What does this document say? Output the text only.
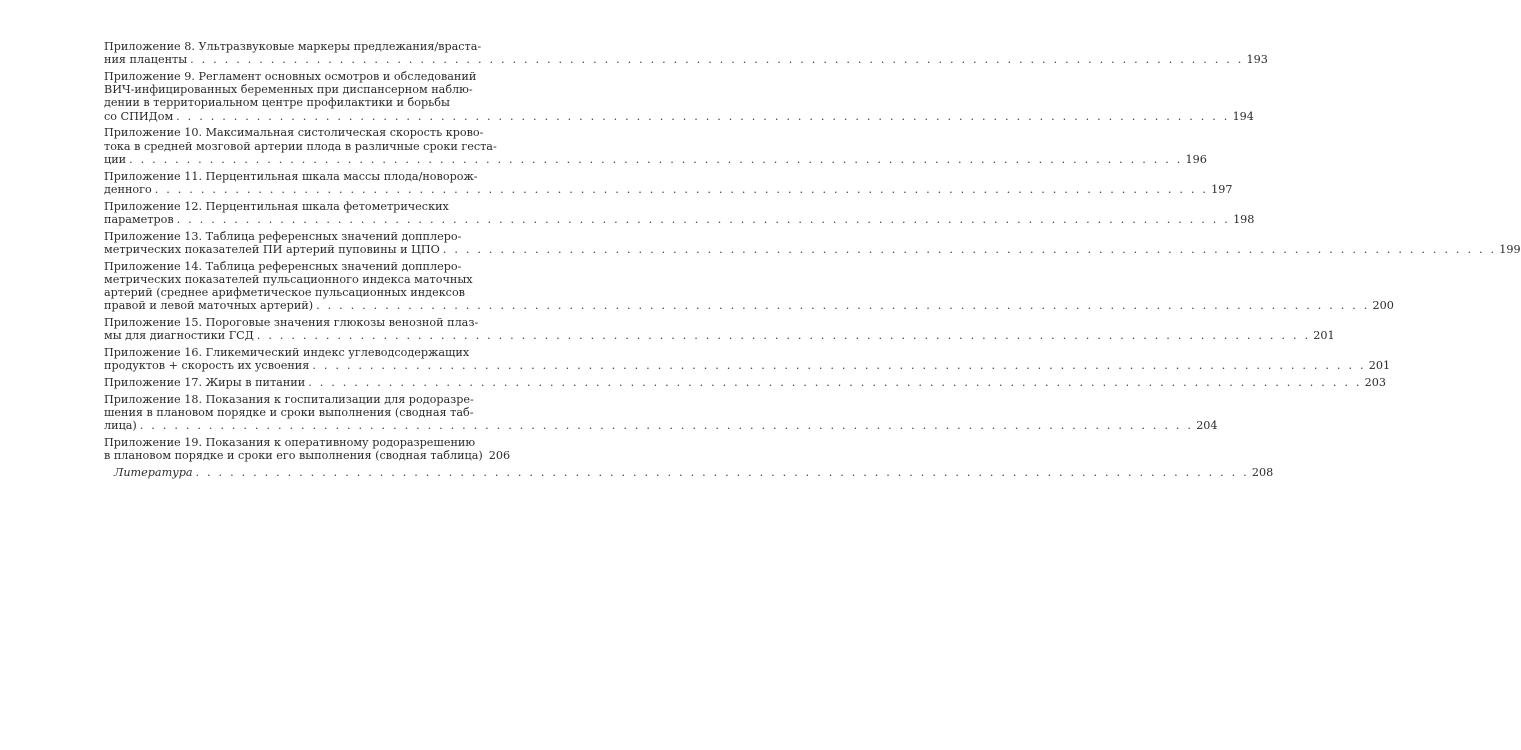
Приложение 8. Ультразвуковые маркеры предлежания/враста-
ния плаценты . . .	193
Приложение 9. Регламент основных осмотров и обследований
ВИЧ-инфицированных беременных при диспансерном наблю-
дении в территориальном центре профилактики и борьбы
со СПИДом . . .	194
Приложение 10. Максимальная систолическая скорость крово-
тока в средней мозговой артерии плода в различные сроки геста-
ции . . .	196
Приложение 11. Перцентильная шкала массы плода/новорож-
денного . . .	197
Приложение 12. Перцентильная шкала фетометрических
параметров . . .	198
Приложение 13. Таблица референсных значений допплеро-
метрических показателей ПИ артерий пуповины и ЦПО . . .	199
Приложение 14. Таблица референсных значений допплеро-
метрических показателей пульсационного индекса маточных
артерий (среднее арифметическое пульсационных индексов
правой и левой маточных артерий) . . .	200
Приложение 15. Пороговые значения глюкозы венозной плаз-
мы для диагностики ГСД . . .	201
Приложение 16. Гликемический индекс углеводсодержащих
продуктов + скорость их усвоения . . .	201
Приложение 17. Жиры в питании . . .	203
Приложение 18. Показания к госпитализации для родоразре-
шения в плановом порядке и сроки выполнения (сводная таб-
лица) . . .	204
Приложение 19. Показания к оперативному родоразрешению
в плановом порядке и сроки его выполнения (сводная таблица) 206
Литература . . .	208
